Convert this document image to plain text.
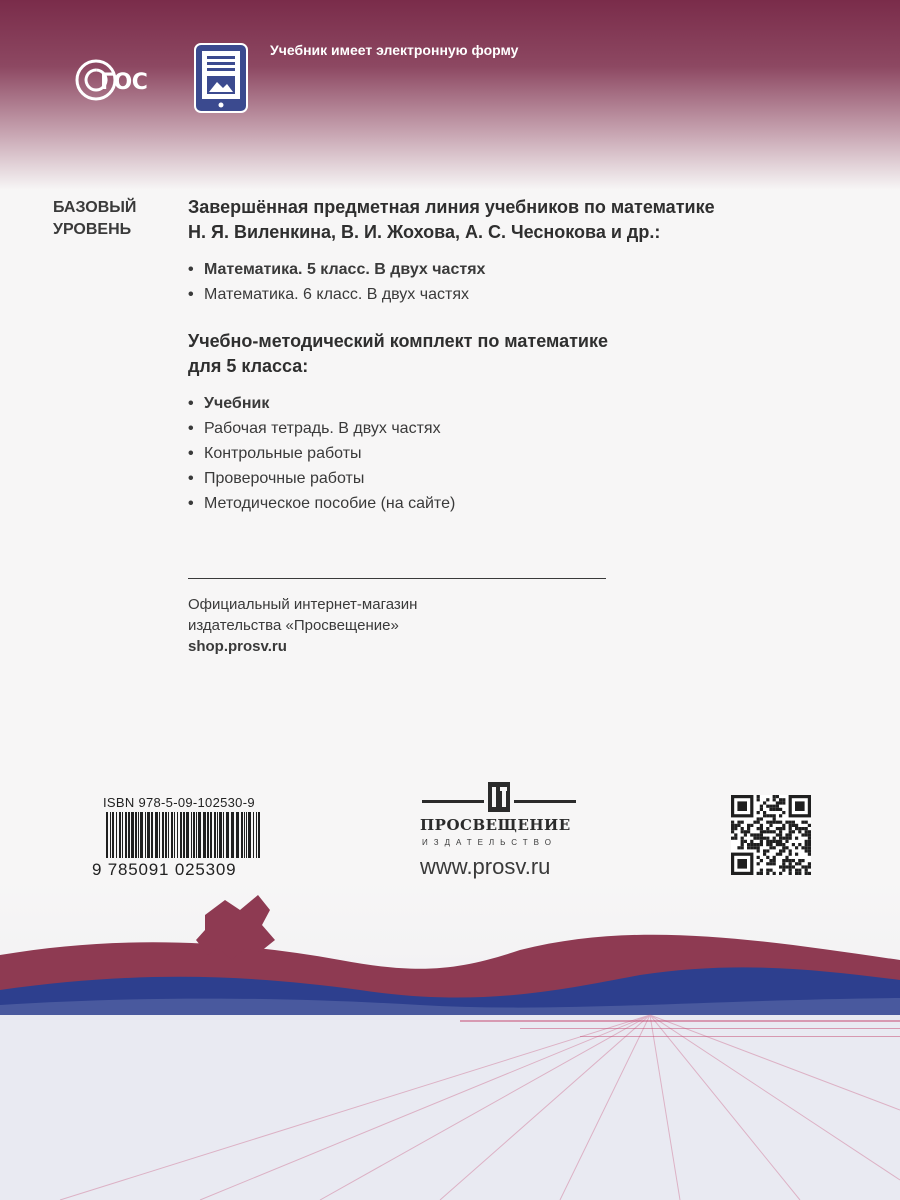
ГОС
Учебник имеет электронную форму
БАЗОВЫЙ
УРОВЕНЬ
Завершённая предметная линия учебников по математике
Н. Я. Виленкина, В. И. Жохова, А. С. Чеснокова и др.:
• Математика. 5 класс. В двух частях
• Математика. 6 класс. В двух частях
Учебно-методический комплект по математике
для 5 класса:
• Учебник
• Рабочая тетрадь. В двух частях
• Контрольные работы
• Проверочные работы
• Методическое пособие (на сайте)
Официальный интернет-магазин
издательства «Просвещение»
shop.prosv.ru
ISBN 978-5-09-102530-9
9 785091 025309
ПРОСВЕЩЕНИЕ
ИЗДАТЕЛЬСТВО
www.prosv.ru
